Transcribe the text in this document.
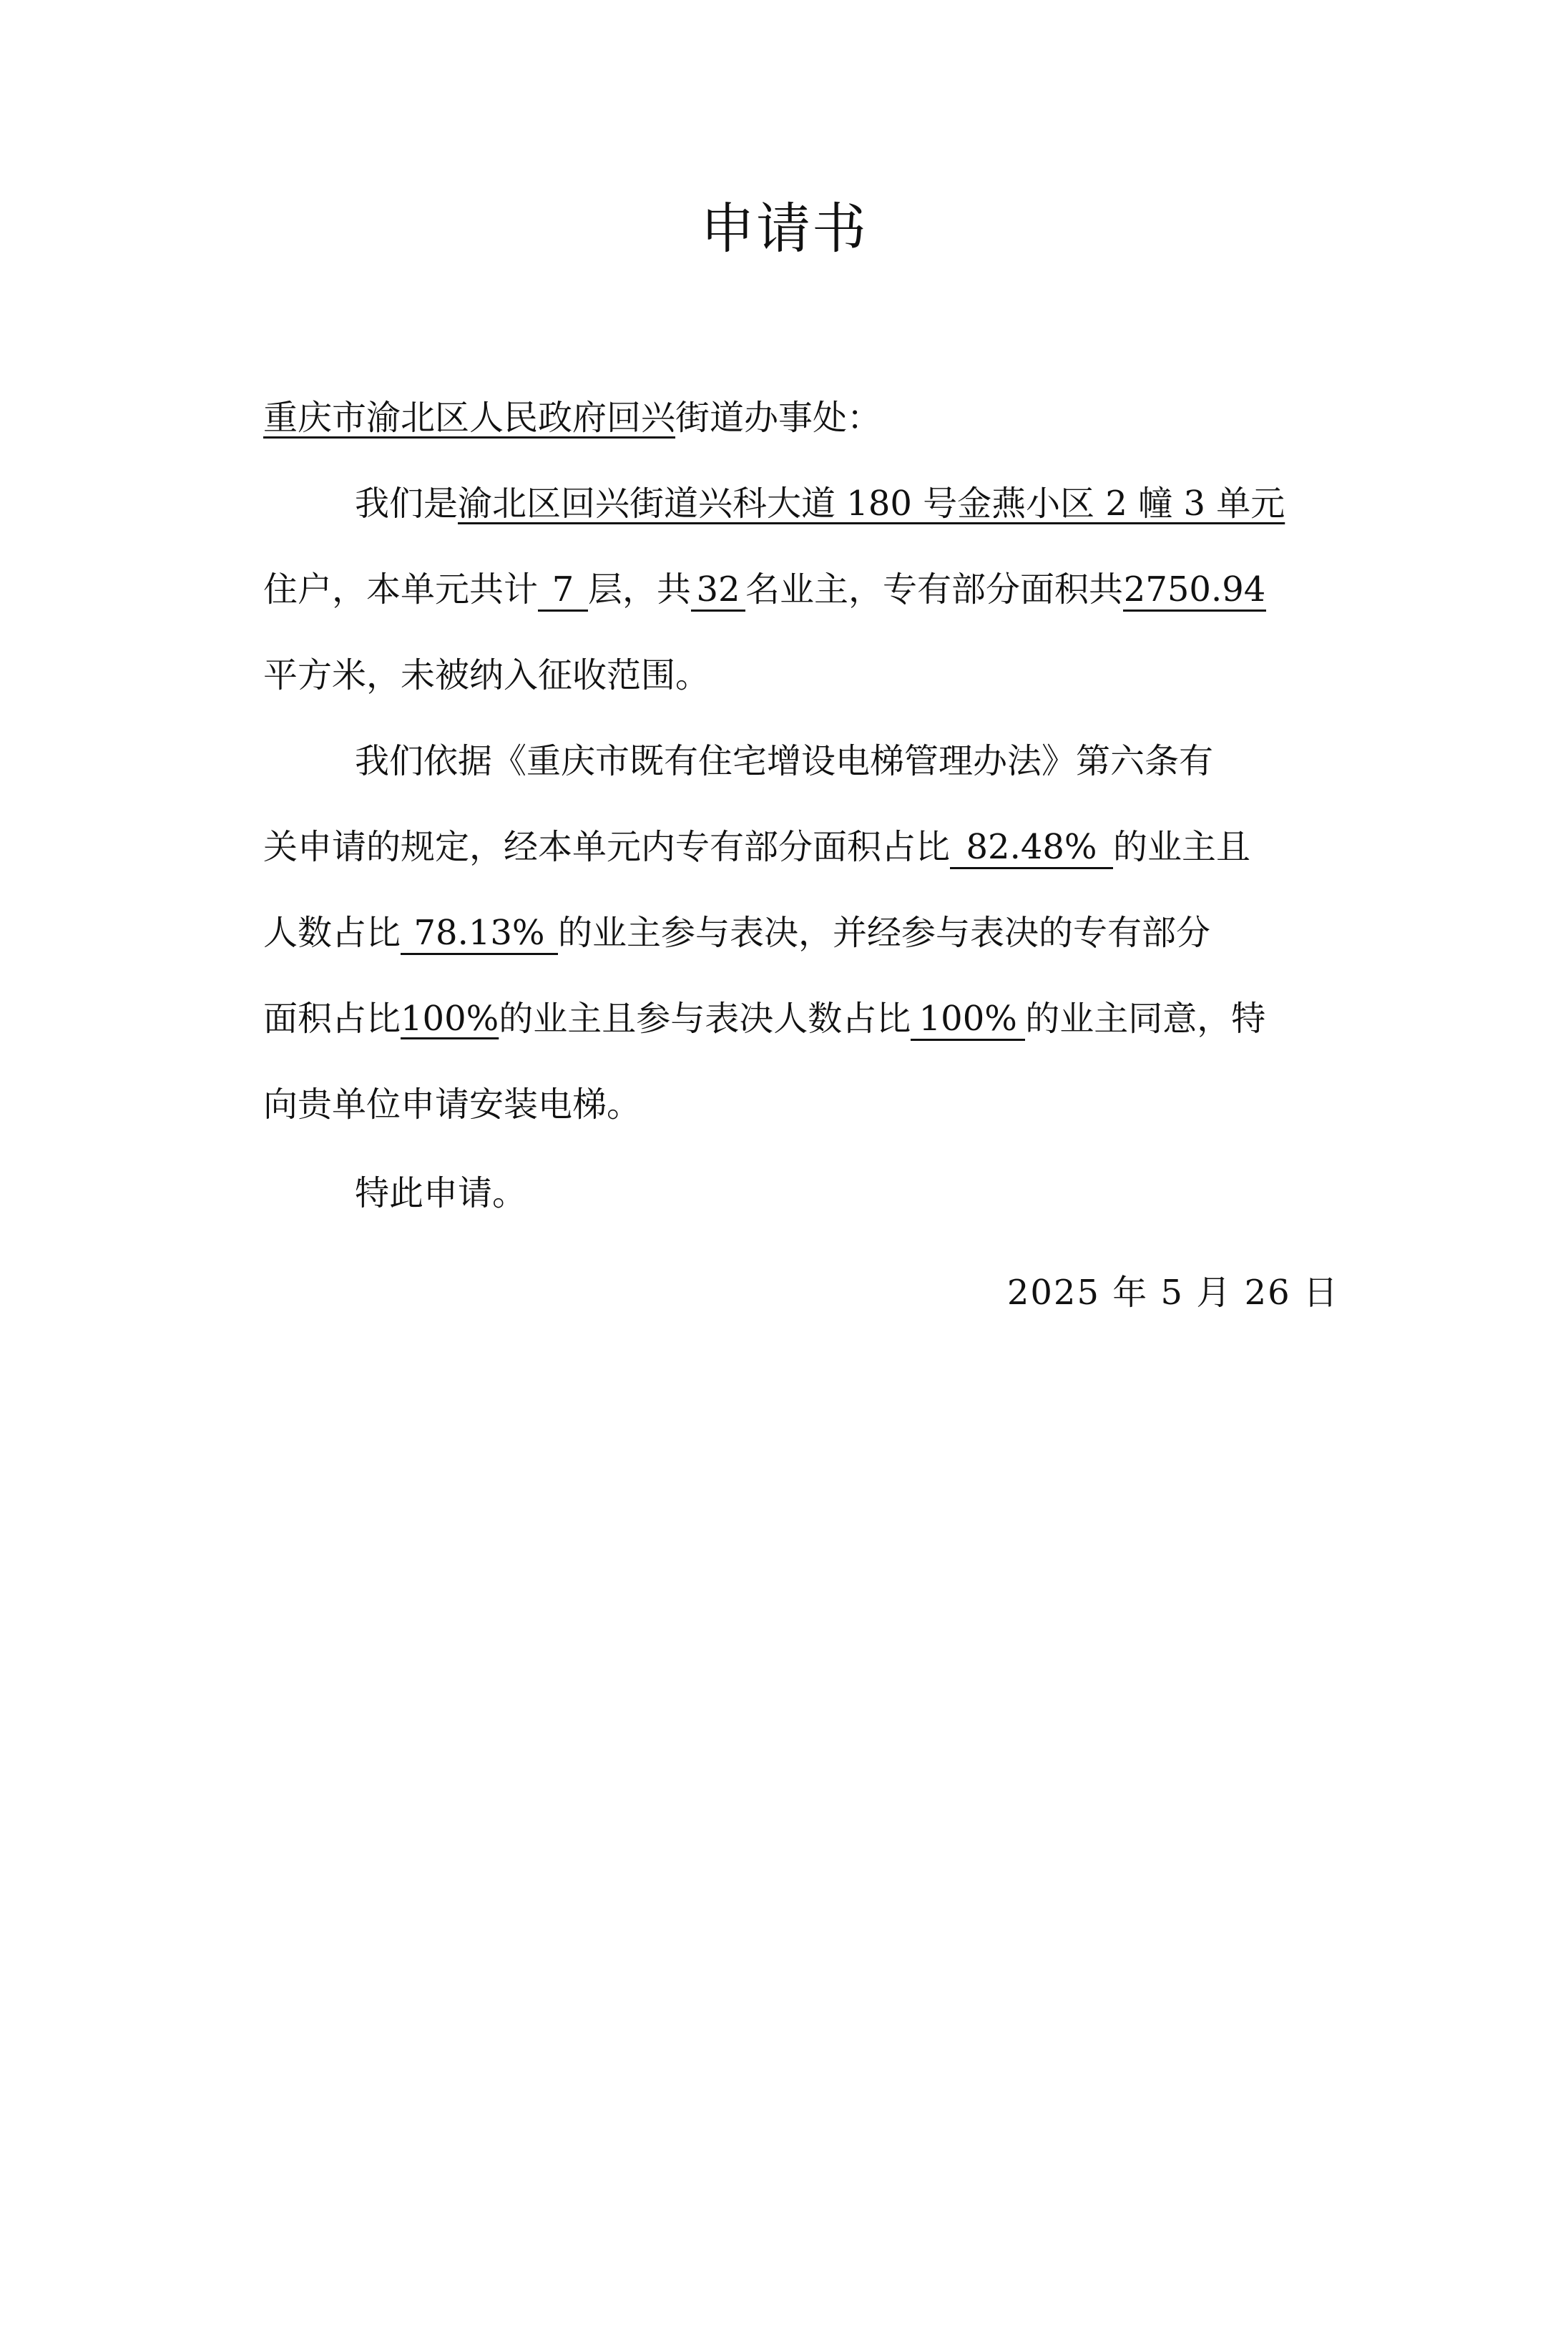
申请书
重庆市渝北区人民政府回兴街道办事处：
我们是渝北区回兴街道兴科大道 180 号金燕小区 2 幢 3 单元
住户，本单元共计 7 层，共 32 名业主，专有部分面积共2750.94
平方米，未被纳入征收范围。
我们依据《重庆市既有住宅增设电梯管理办法》第六条有
关申请的规定，经本单元内专有部分面积占比 82.48% 的业主且
人数占比 78.13% 的业主参与表决，并经参与表决的专有部分
面积占比100%的业主且参与表决人数占比 100% 的业主同意，特
向贵单位申请安装电梯。
特此申请。
2025 年 5 月 26 日
